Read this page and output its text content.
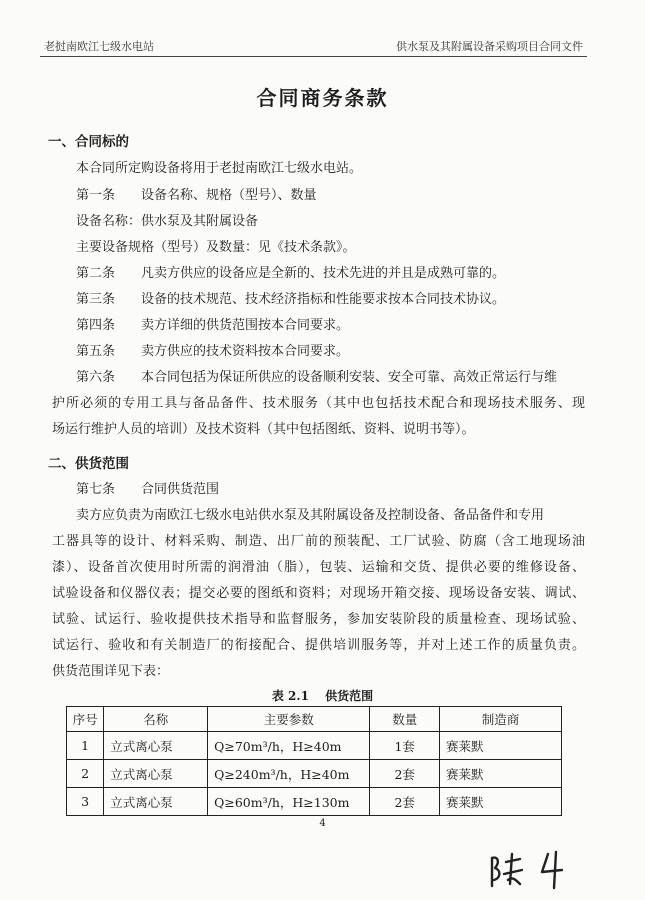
老挝南欧江七级水电站	供水泵及其附属设备采购项目合同文件
合同商务条款
一、合同标的
本合同所定购设备将用于老挝南欧江七级水电站。
第一条　　设备名称、规格（型号）、数量
设备名称：供水泵及其附属设备
主要设备规格（型号）及数量：见《技术条款》。
第二条　　凡卖方供应的设备应是全新的、技术先进的并且是成熟可靠的。
第三条　　设备的技术规范、技术经济指标和性能要求按本合同技术协议。
第四条　　卖方详细的供货范围按本合同要求。
第五条　　卖方供应的技术资料按本合同要求。
第六条　　本合同包括为保证所供应的设备顺利安装、安全可靠、高效正常运行与维
护所必须的专用工具与备品备件、技术服务（其中也包括技术配合和现场技术服务、现
场运行维护人员的培训）及技术资料（其中包括图纸、资料、说明书等）。
二、供货范围
第七条　　合同供货范围
卖方应负责为南欧江七级水电站供水泵及其附属设备及控制设备、备品备件和专用
工器具等的设计、材料采购、制造、出厂前的预装配、工厂试验、防腐（含工地现场油
漆）、设备首次使用时所需的润滑油（脂），包装、运输和交货、提供必要的维修设备、
试验设备和仪器仪表；提交必要的图纸和资料；对现场开箱交接、现场设备安装、调试、
试验、试运行、验收提供技术指导和监督服务，参加安装阶段的质量检查、现场试验、
试运行、验收和有关制造厂的衔接配合、提供培训服务等，并对上述工作的质量负责。
供货范围详见下表：
表 2.1　 供货范围
序号	名称	主要参数	数量	制造商
1	立式离心泵	Q≥70m³/h，H≥40m	1套	赛莱默
2	立式离心泵	Q≥240m³/h，H≥40m	2套	赛莱默
3	立式离心泵	Q≥60m³/h，H≥130m	2套	赛莱默
4
